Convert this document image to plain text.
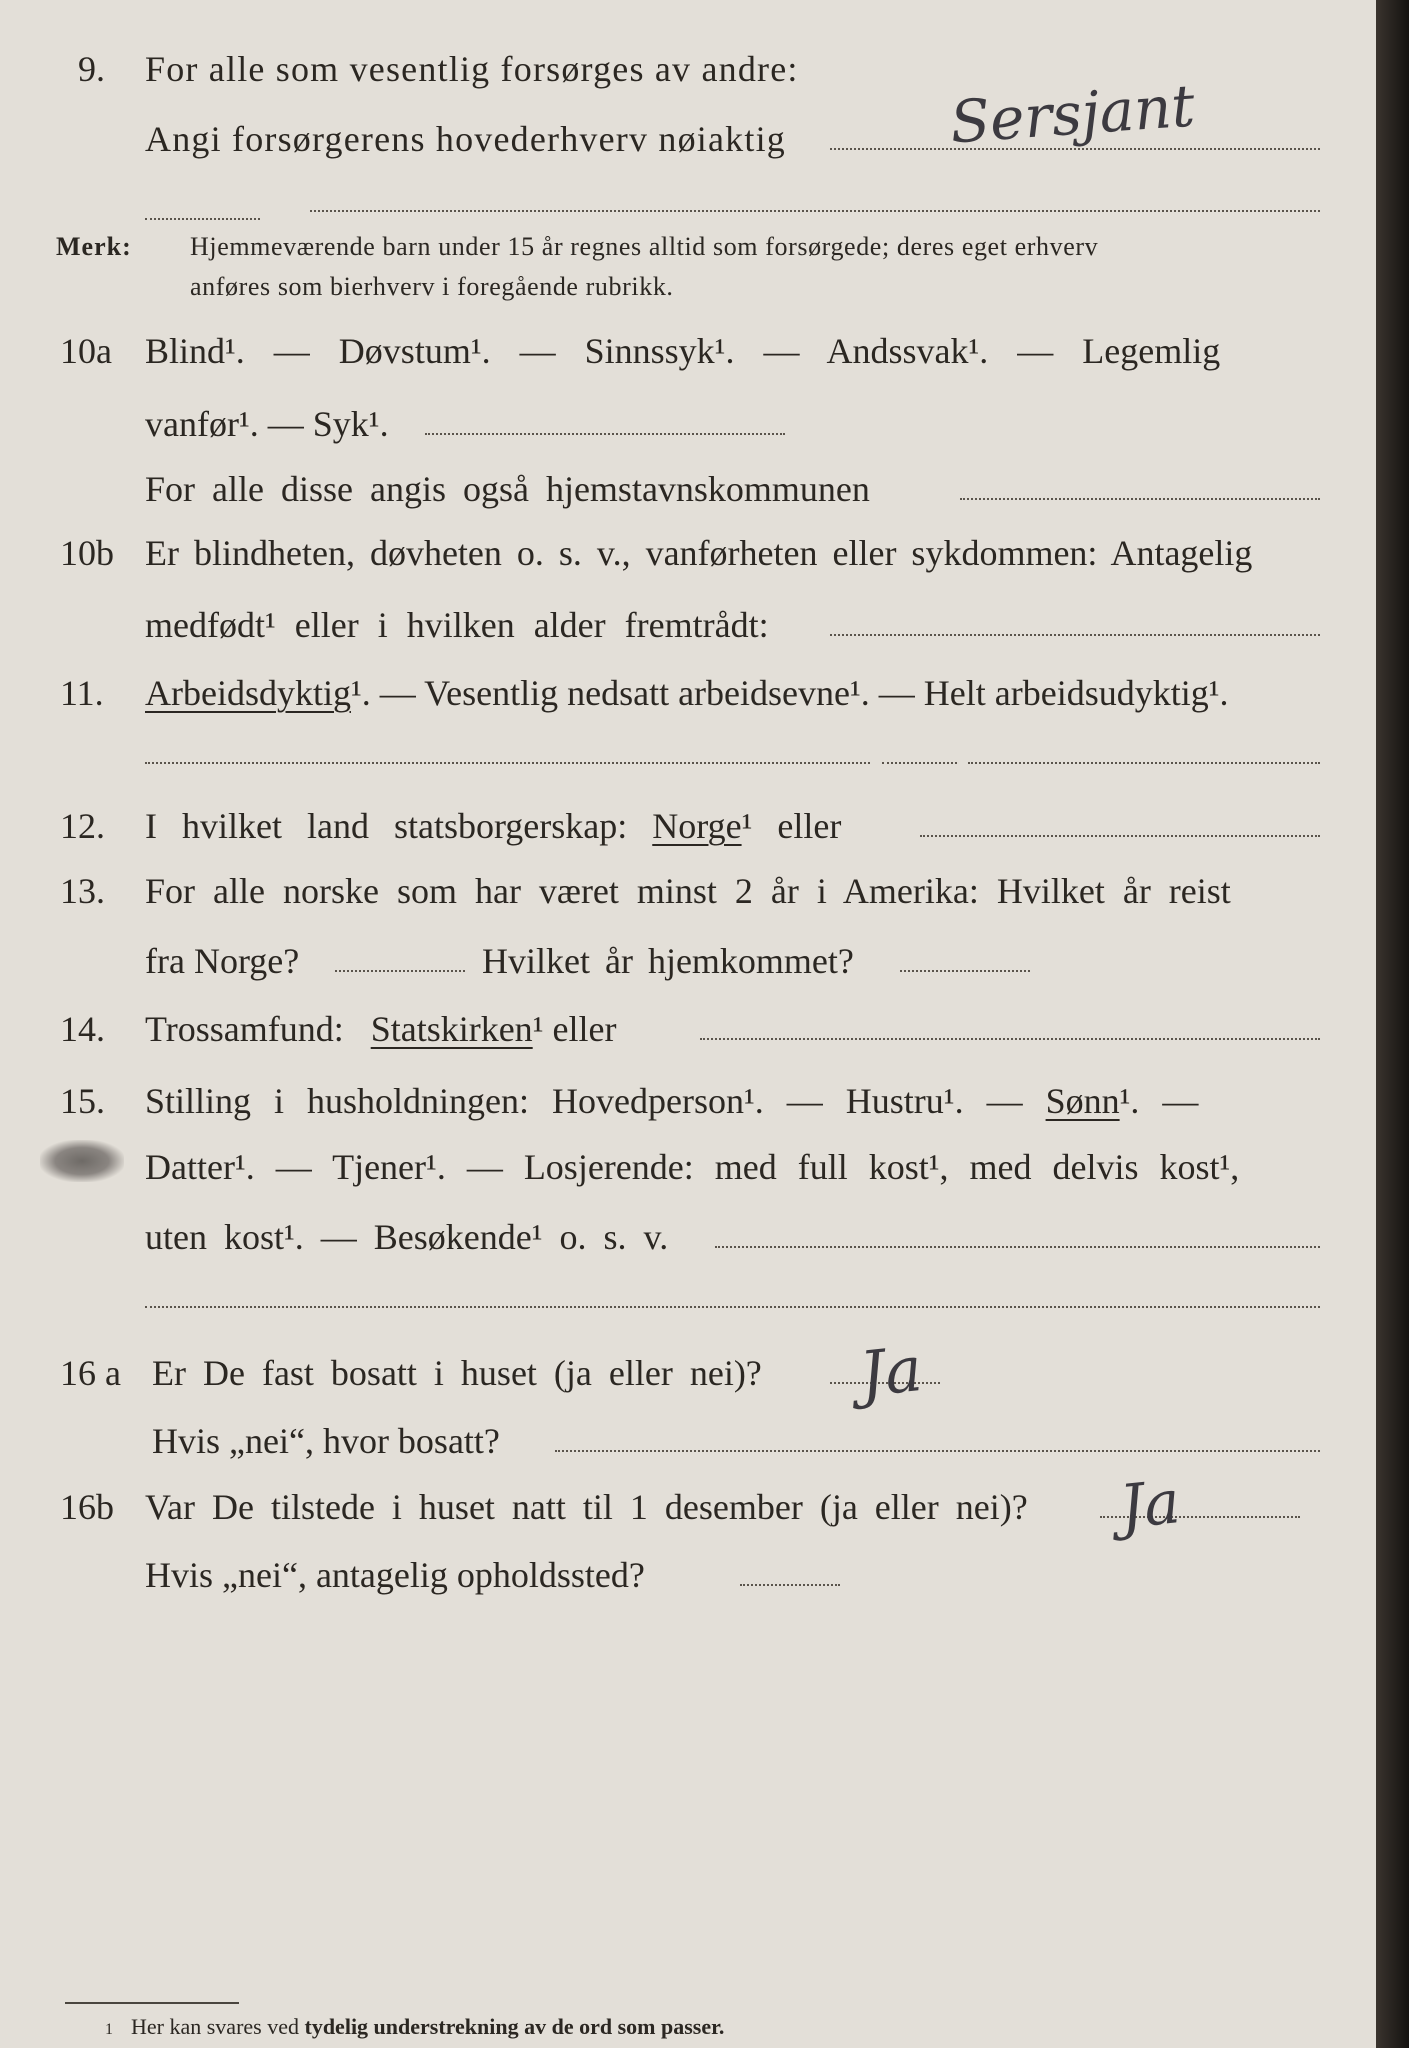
9. For alle som vesentlig forsørges av andre:
Angi forsørgerens hovederhverv nøiaktig	Sersjant
Merk: Hjemmeværende barn under 15 år regnes alltid som forsørgede; deres eget erhverv
anføres som bierhverv i foregående rubrikk.
10a Blind¹. — Døvstum¹. — Sinnssyk¹. — Andssvak¹. — Legemlig
vanfør¹. — Syk¹.
For alle disse angis også hjemstavnskommunen
10b Er blindheten, døvheten o. s. v., vanførheten eller sykdommen: Antagelig
medfødt¹ eller i hvilken alder fremtrådt:
11. Arbeidsdyktig¹. — Vesentlig nedsatt arbeidsevne¹. — Helt arbeidsudyktig¹.
12. I hvilket land statsborgerskap: Norge¹ eller
13. For alle norske som har været minst 2 år i Amerika: Hvilket år reist
fra Norge?	Hvilket år hjemkommet?
14. Trossamfund: Statskirken¹ eller
15. Stilling i husholdningen: Hovedperson¹. — Hustru¹. — Sønn¹. —
Datter¹. — Tjener¹. — Losjerende: med full kost¹, med delvis kost¹,
uten kost¹. — Besøkende¹ o. s. v.
16 a Er De fast bosatt i huset (ja eller nei)? Ja
Hvis „nei“, hvor bosatt?
16b Var De tilstede i huset natt til 1 desember (ja eller nei)? Ja
Hvis „nei“, antagelig opholdssted?
1 Her kan svares ved tydelig understrekning av de ord som passer.
